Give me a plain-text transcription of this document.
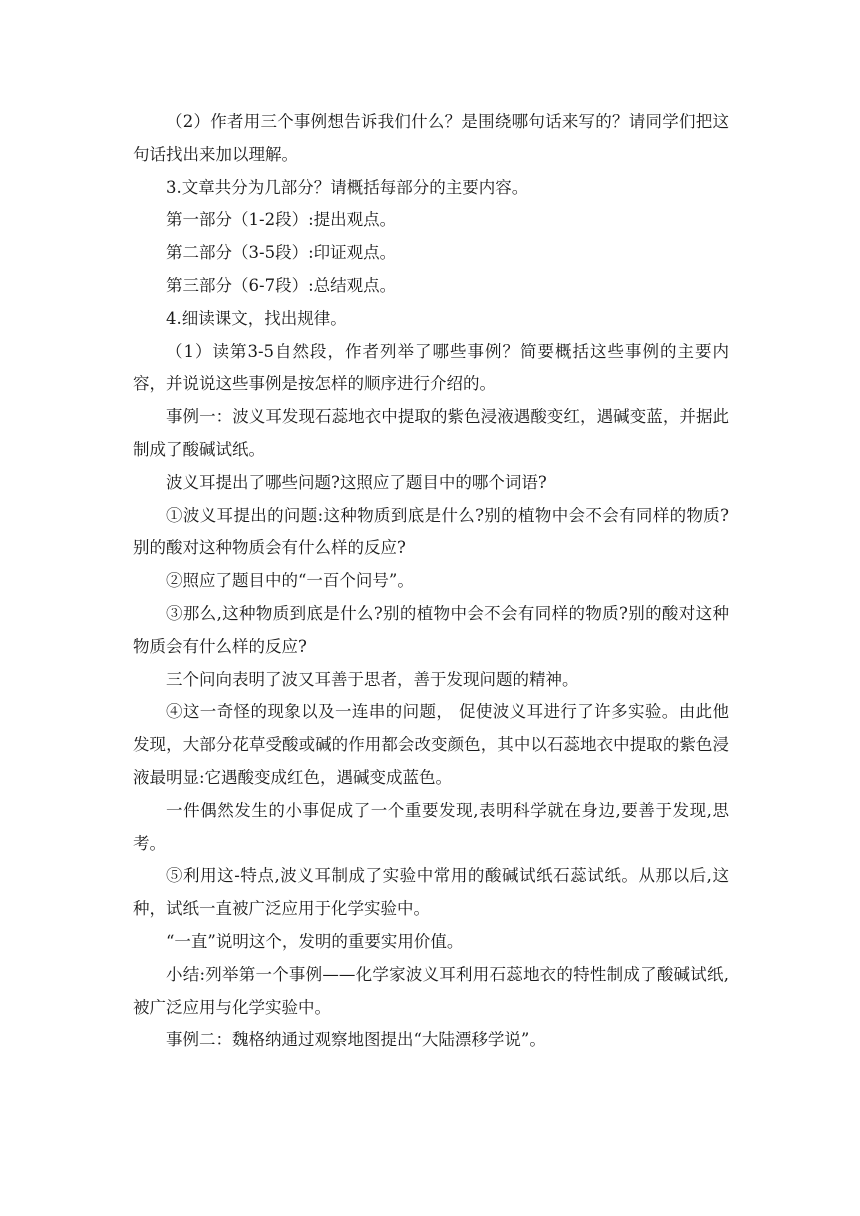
（2）作者用三个事例想告诉我们什么？是围绕哪句话来写的？请同学们把这句话找出来加以理解。

3.文章共分为几部分？请概括每部分的主要内容。

第一部分（1-2段）:提出观点。

第二部分（3-5段）:印证观点。

第三部分（6-7段）:总结观点。

4.细读课文，找出规律。

（1）读第3-5自然段，作者列举了哪些事例？简要概括这些事例的主要内容，并说说这些事例是按怎样的顺序进行介绍的。

事例一：波义耳发现石蕊地衣中提取的紫色浸液遇酸变红，遇碱变蓝，并据此制成了酸碱试纸。

波义耳提出了哪些问题?这照应了题目中的哪个词语?

①波义耳提出的问题:这种物质到底是什么?别的植物中会不会有同样的物质?别的酸对这种物质会有什么样的反应?

②照应了题目中的“一百个问号”。

③那么,这种物质到底是什么?别的植物中会不会有同样的物质?别的酸对这种物质会有什么样的反应?

三个问向表明了波又耳善于思者，善于发现问题的精神。

④这一奇怪的现象以及一连串的问题， 促使波义耳进行了许多实验。由此他发现，大部分花草受酸或碱的作用都会改变颜色，其中以石蕊地衣中提取的紫色浸液最明显:它遇酸变成红色，遇碱变成蓝色。

一件偶然发生的小事促成了一个重要发现,表明科学就在身边,要善于发现,思考。

⑤利用这-特点,波义耳制成了实验中常用的酸碱试纸石蕊试纸。从那以后,这种，试纸一直被广泛应用于化学实验中。

“一直”说明这个，发明的重要实用价值。

小结:列举第一个事例——化学家波义耳利用石蕊地衣的特性制成了酸碱试纸,被广泛应用与化学实验中。

事例二：魏格纳通过观察地图提出“大陆漂移学说”。
